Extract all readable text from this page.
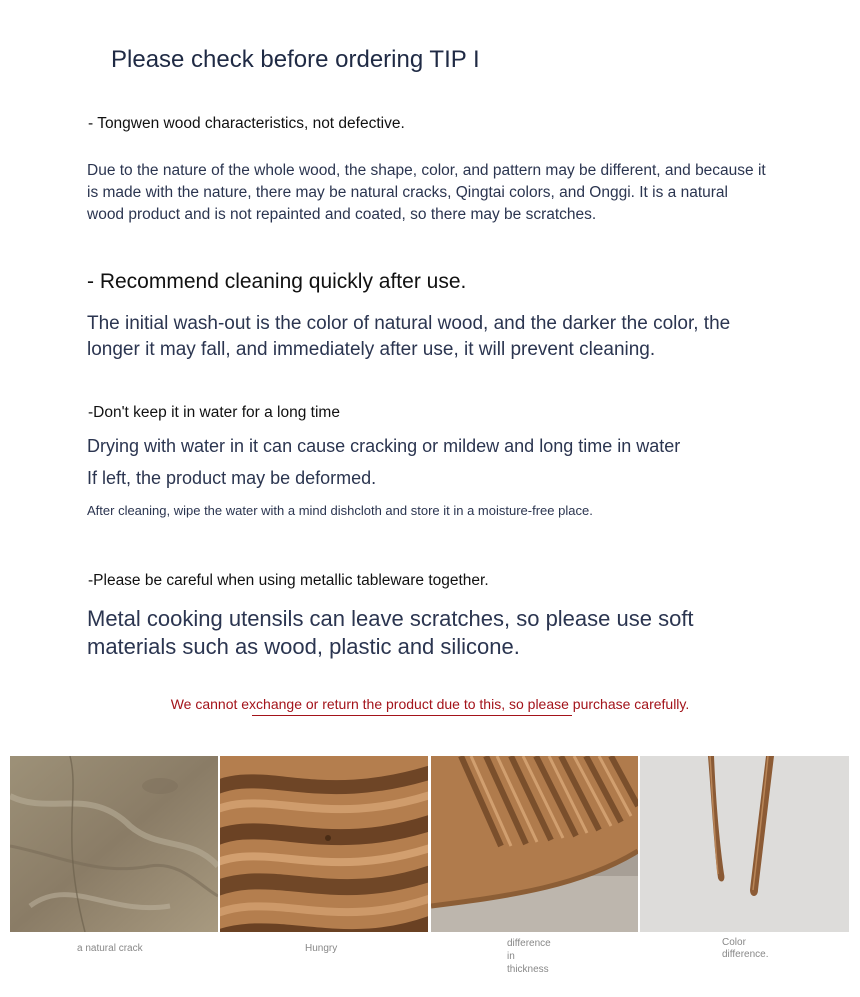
Please check before ordering TIP I
- Tongwen wood characteristics, not defective.
Due to the nature of the whole wood, the shape, color, and pattern may be different, and because it is made with the nature, there may be natural cracks, Qingtai colors, and Onggi. It is a natural wood product and is not repainted and coated, so there may be scratches.
- Recommend cleaning quickly after use.
The initial wash-out is the color of natural wood, and the darker the color, the longer it may fall, and immediately after use, it will prevent cleaning.
-Don't keep it in water for a long time
Drying with water in it can cause cracking or mildew and long time in water
If left, the product may be deformed.
After cleaning, wipe the water with a mind dishcloth and store it in a moisture-free place.
-Please be careful when using metallic tableware together.
Metal cooking utensils can leave scratches, so please use soft materials such as wood, plastic and silicone.
We cannot exchange or return the product due to this, so please purchase carefully.
a natural crack	Hungry	difference
in
thickness
Color
difference.
